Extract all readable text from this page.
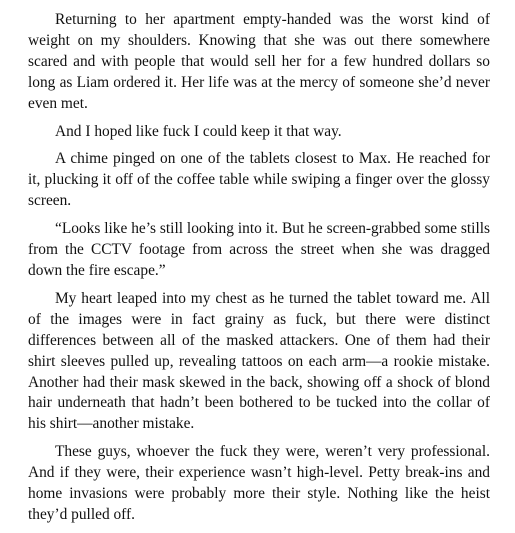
Returning to her apartment empty-handed was the worst kind of weight on my shoulders. Knowing that she was out there somewhere scared and with people that would sell her for a few hundred dollars so long as Liam ordered it. Her life was at the mercy of someone she’d never even met.

And I hoped like fuck I could keep it that way.

A chime pinged on one of the tablets closest to Max. He reached for it, plucking it off of the coffee table while swiping a finger over the glossy screen.

“Looks like he’s still looking into it. But he screen-grabbed some stills from the CCTV footage from across the street when she was dragged down the fire escape.”

My heart leaped into my chest as he turned the tablet toward me. All of the images were in fact grainy as fuck, but there were distinct differences between all of the masked attackers. One of them had their shirt sleeves pulled up, revealing tattoos on each arm—a rookie mistake. Another had their mask skewed in the back, showing off a shock of blond hair underneath that hadn’t been bothered to be tucked into the collar of his shirt—another mistake.

These guys, whoever the fuck they were, weren’t very professional. And if they were, their experience wasn’t high-level. Petty break-ins and home invasions were probably more their style. Nothing like the heist they’d pulled off.
